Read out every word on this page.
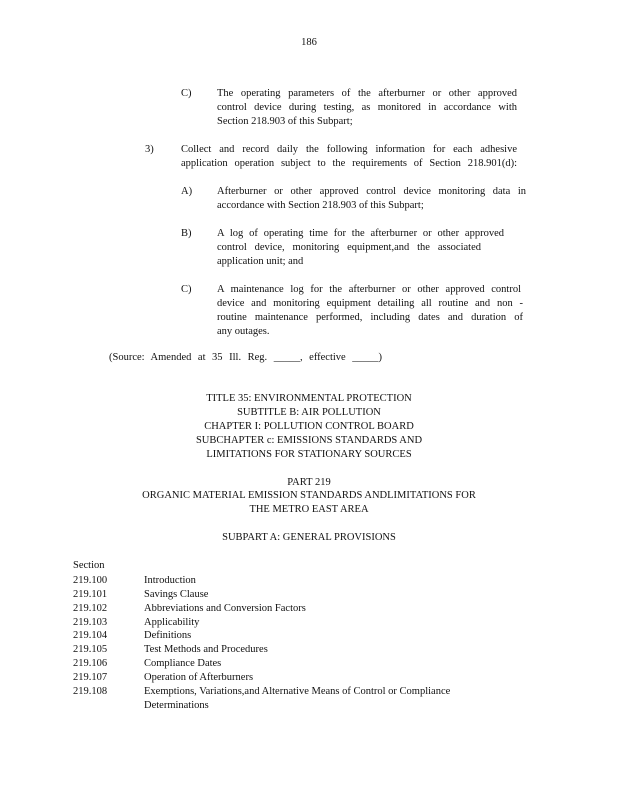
186
C) The operating parameters of the afterburner or other approved
control device during testing, as monitored in accordance with
Section 218.903 of this Subpart;
3)	Collect and record daily the following information for each adhesive
application operation subject to the requirements of Section 218.901(d):
A) Afterburner or other approved control device monitoring data in
accordance with Section 218.903 of this Subpart;
B) A log of operating time for the afterburner or other approved
control device, monitoring equipment,and the associated
application unit; and
C) A maintenance log for the afterburner or other approved control
device and monitoring equipment detailing all routine and non -
routine maintenance performed, including dates and duration of
any outages.
(Source: Amended at 35 Ill. Reg. _____, effective _____)
TITLE 35: ENVIRONMENTAL PROTECTION
SUBTITLE B: AIR POLLUTION
CHAPTER I: POLLUTION CONTROL BOARD
SUBCHAPTER c: EMISSIONS STANDARDS AND
LIMITATIONS FOR STATIONARY SOURCES
PART 219
ORGANIC MATERIAL EMISSION STANDARDS ANDLIMITATIONS FOR
THE METRO EAST AREA
SUBPART A: GENERAL PROVISIONS
Section
219.100	Introduction
219.101	Savings Clause
219.102	Abbreviations and Conversion Factors
219.103	Applicability
219.104	Definitions
219.105	Test Methods and Procedures
219.106	Compliance Dates
219.107	Operation of Afterburners
219.108	Exemptions, Variations,and Alternative Means of Control or Compliance
Determinations
